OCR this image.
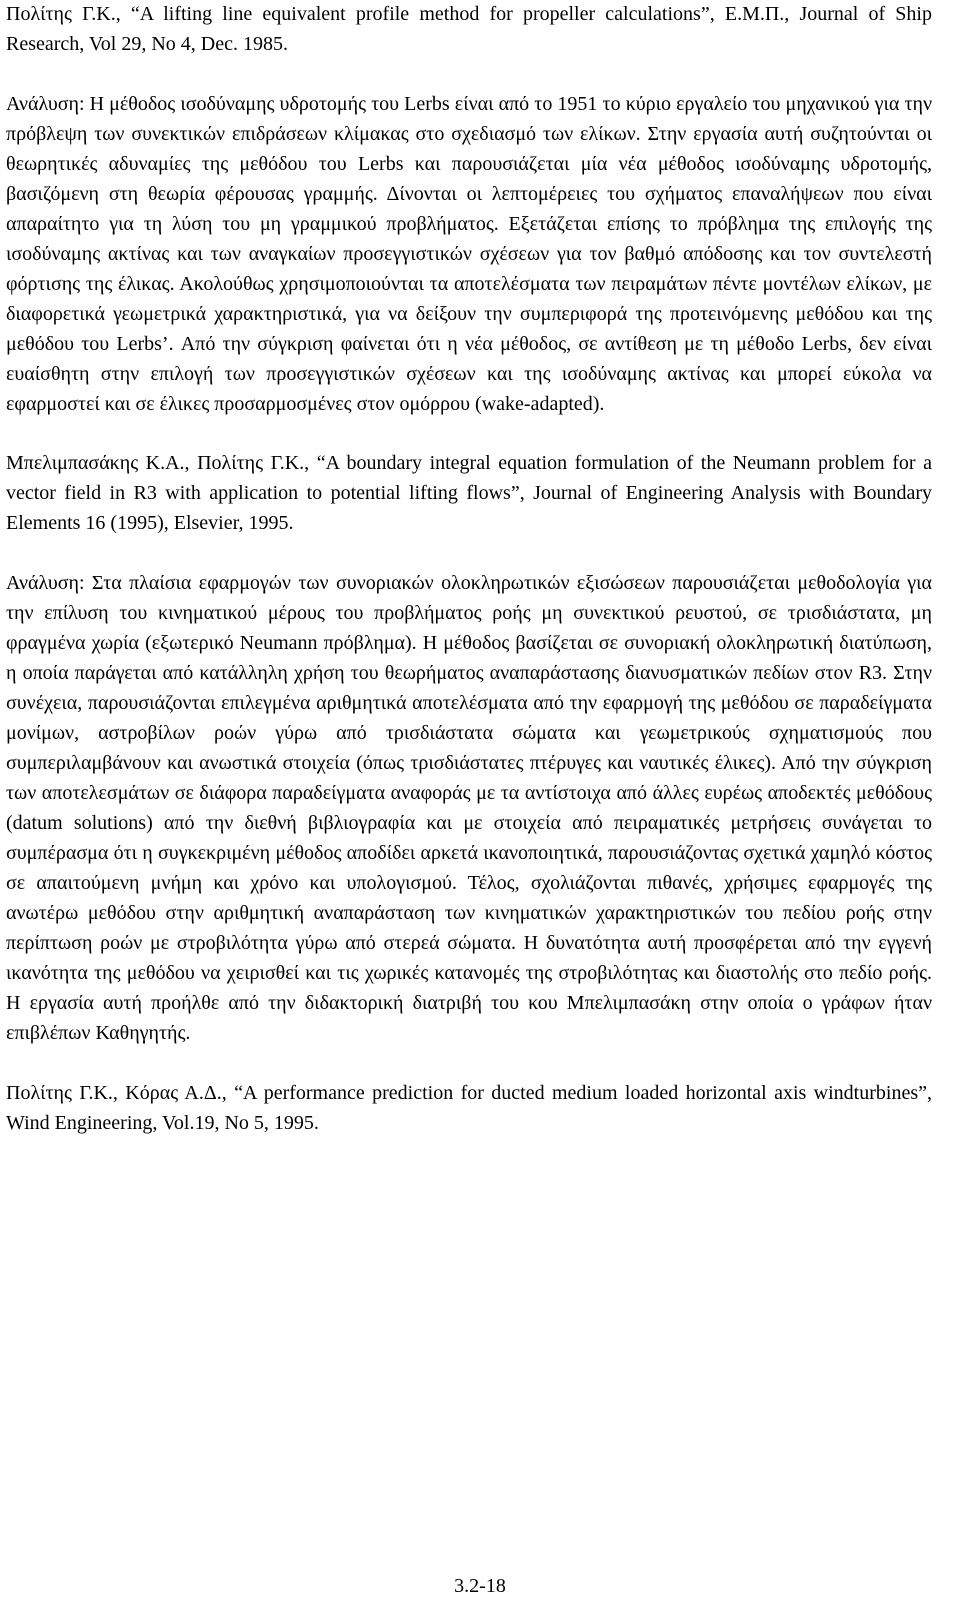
Πολίτης Γ.Κ., “A lifting line equivalent profile method for propeller calculations”, Ε.Μ.Π., Journal of Ship Research, Vol 29, No 4, Dec. 1985.

Ανάλυση: Η μέθοδος ισοδύναμης υδροτομής του Lerbs είναι από το 1951 το κύριο εργαλείο του μηχανικού για την πρόβλεψη των συνεκτικών επιδράσεων κλίμακας στο σχεδιασμό των ελίκων. Στην εργασία αυτή συζητούνται οι θεωρητικές αδυναμίες της μεθόδου του Lerbs και παρουσιάζεται μία νέα μέθοδος ισοδύναμης υδροτομής, βασιζόμενη στη θεωρία φέρουσας γραμμής. Δίνονται οι λεπτομέρειες του σχήματος επαναλήψεων που είναι απαραίτητο για τη λύση του μη γραμμικού προβλήματος. Εξετάζεται επίσης το πρόβλημα της επιλογής της ισοδύναμης ακτίνας και των αναγκαίων προσεγγιστικών σχέσεων για τον βαθμό απόδοσης και τον συντελεστή φόρτισης της έλικας. Ακολούθως χρησιμοποιούνται τα αποτελέσματα των πειραμάτων πέντε μοντέλων ελίκων, με διαφορετικά γεωμετρικά χαρακτηριστικά, για να δείξουν την συμπεριφορά της προτεινόμενης μεθόδου και της μεθόδου του Lerbs’. Από την σύγκριση φαίνεται ότι η νέα μέθοδος, σε αντίθεση με τη μέθοδο Lerbs, δεν είναι ευαίσθητη στην επιλογή των προσεγγιστικών σχέσεων και της ισοδύναμης ακτίνας και μπορεί εύκολα να εφαρμοστεί και σε έλικες προσαρμοσμένες στον ομόρρου (wake-adapted).

Μπελιμπασάκης Κ.Α., Πολίτης Γ.Κ., “A boundary integral equation formulation of the Neumann problem for a vector field in R3 with application to potential lifting flows”, Journal of Engineering Analysis with Boundary Elements 16 (1995), Elsevier, 1995.

Ανάλυση: Στα πλαίσια εφαρμογών των συνοριακών ολοκληρωτικών εξισώσεων παρουσιάζεται μεθοδολογία για την επίλυση του κινηματικού μέρους του προβλήματος ροής μη συνεκτικού ρευστού, σε τρισδιάστατα, μη φραγμένα χωρία (εξωτερικό Neumann πρόβλημα). Η μέθοδος βασίζεται σε συνοριακή ολοκληρωτική διατύπωση, η οποία παράγεται από κατάλληλη χρήση του θεωρήματος αναπαράστασης διανυσματικών πεδίων στον R3. Στην συνέχεια, παρουσιάζονται επιλεγμένα αριθμητικά αποτελέσματα από την εφαρμογή της μεθόδου σε παραδείγματα μονίμων, αστροβίλων ροών γύρω από τρισδιάστατα σώματα και γεωμετρικούς σχηματισμούς που συμπεριλαμβάνουν και ανωστικά στοιχεία (όπως τρισδιάστατες πτέρυγες και ναυτικές έλικες). Από την σύγκριση των αποτελεσμάτων σε διάφορα παραδείγματα αναφοράς με τα αντίστοιχα από άλλες ευρέως αποδεκτές μεθόδους (datum solutions) από την διεθνή βιβλιογραφία και με στοιχεία από πειραματικές μετρήσεις συνάγεται το συμπέρασμα ότι η συγκεκριμένη μέθοδος αποδίδει αρκετά ικανοποιητικά, παρουσιάζοντας σχετικά χαμηλό κόστος σε απαιτούμενη μνήμη και χρόνο και υπολογισμού. Τέλος, σχολιάζονται πιθανές, χρήσιμες εφαρμογές της ανωτέρω μεθόδου στην αριθμητική αναπαράσταση των κινηματικών χαρακτηριστικών του πεδίου ροής στην περίπτωση ροών με στροβιλότητα γύρω από στερεά σώματα. Η δυνατότητα αυτή προσφέρεται από την εγγενή ικανότητα της μεθόδου να χειρισθεί και τις χωρικές κατανομές της στροβιλότητας και διαστολής στο πεδίο ροής. Η εργασία αυτή προήλθε από την διδακτορική διατριβή του κου Μπελιμπασάκη στην οποία ο γράφων ήταν επιβλέπων Καθηγητής.

Πολίτης Γ.Κ., Κόρας Α.Δ., “A performance prediction for ducted medium loaded horizontal axis windturbines”, Wind Engineering, Vol.19, No 5, 1995.

3.2-18
